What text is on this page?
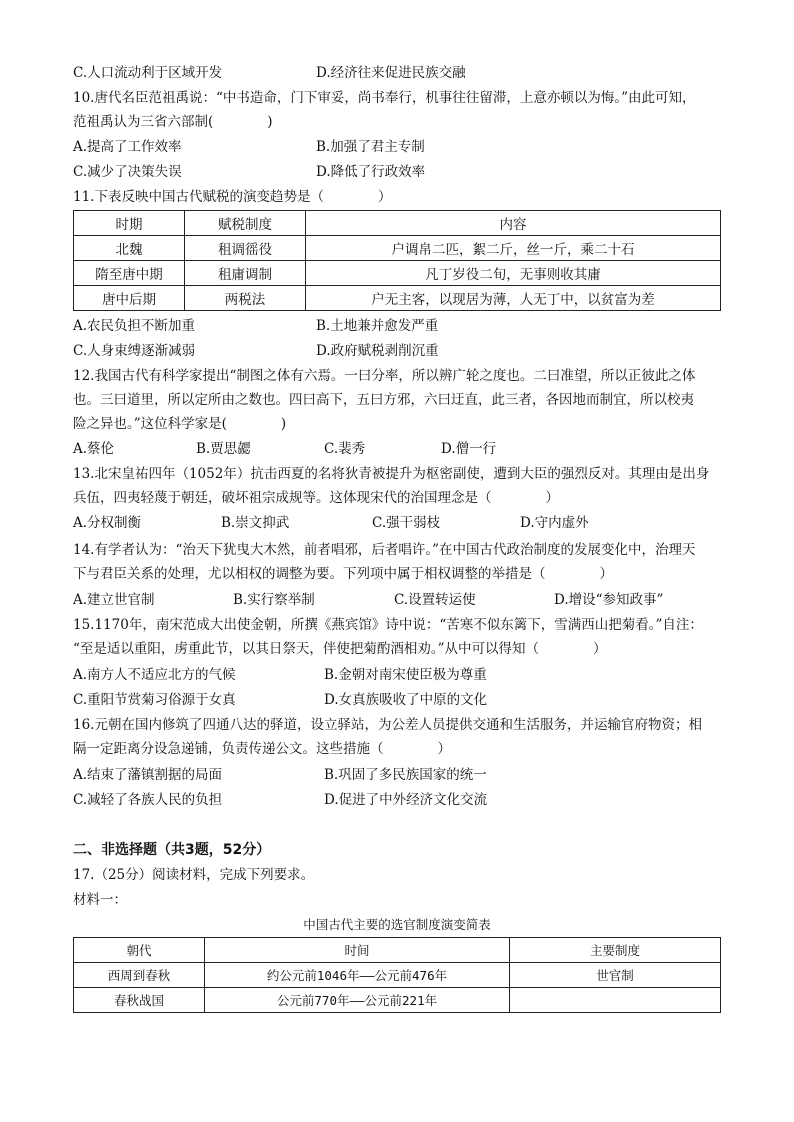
C.人口流动利于区域开发	D.经济往来促进民族交融
10.唐代名臣范祖禹说：“中书造命，门下审妥，尚书奉行，机事往往留滞，上意亦顿以为悔。”由此可知，
范祖禹认为三省六部制(　　　　)
A.提高了工作效率	B.加强了君主专制
C.减少了决策失误	D.降低了行政效率
11.下表反映中国古代赋税的演变趋势是（　　　　）
时期	赋税制度	内容
北魏	租调徭役	户调帛二匹，絮二斤，丝一斤，乘二十石
隋至唐中期	租庸调制	凡丁岁役二旬，无事则收其庸
唐中后期	两税法	户无主客，以现居为薄，人无丁中，以贫富为差
A.农民负担不断加重	B.土地兼并愈发严重
C.人身束缚逐渐减弱	D.政府赋税剥削沉重
12.我国古代有科学家提出“制图之体有六焉。一曰分率，所以辨广轮之度也。二曰准望，所以正彼此之体
也。三曰道里，所以定所由之数也。四曰高下，五曰方邪，六曰迂直，此三者，各因地而制宜，所以校夷
险之异也。”这位科学家是(　　　　)
A.蔡伦	B.贾思勰	C.裴秀	D.僧一行
13.北宋皇祐四年（1052年）抗击西夏的名将狄青被提升为枢密副使，遭到大臣的强烈反对。其理由是出身
兵伍，四夷轻蔑于朝廷，破坏祖宗成规等。这体现宋代的治国理念是（　　　　）
A.分权制衡	B.崇文抑武	C.强干弱枝	D.守内虚外
14.有学者认为：“治天下犹曳大木然，前者唱邪，后者唱许。”在中国古代政治制度的发展变化中，治理天
下与君臣关系的处理，尤以相权的调整为要。下列项中属于相权调整的举措是（　　　　）
A.建立世官制	B.实行察举制	C.设置转运使	D.增设“参知政事”
15.1170年，南宋范成大出使金朝，所撰《燕宾馆》诗中说：“苦寒不似东篱下，雪满西山把菊看。”自注：
“至是适以重阳，虏重此节，以其日祭天，伴使把菊酌酒相劝。”从中可以得知（　　　　）
A.南方人不适应北方的气候	B.金朝对南宋使臣极为尊重
C.重阳节赏菊习俗源于女真	D.女真族吸收了中原的文化
16.元朝在国内修筑了四通八达的驿道，设立驿站，为公差人员提供交通和生活服务，并运输官府物资；相
隔一定距离分设急递铺，负责传递公文。这些措施（　　　　）
A.结束了藩镇割据的局面	B.巩固了多民族国家的统一
C.减轻了各族人民的负担	D.促进了中外经济文化交流
二、非选择题（共3题，52分）
17.（25分）阅读材料，完成下列要求。
材料一：
中国古代主要的选官制度演变简表
朝代	时间	主要制度
西周到春秋	约公元前1046年——公元前476年	世官制
春秋战国	公元前770年——公元前221年	
